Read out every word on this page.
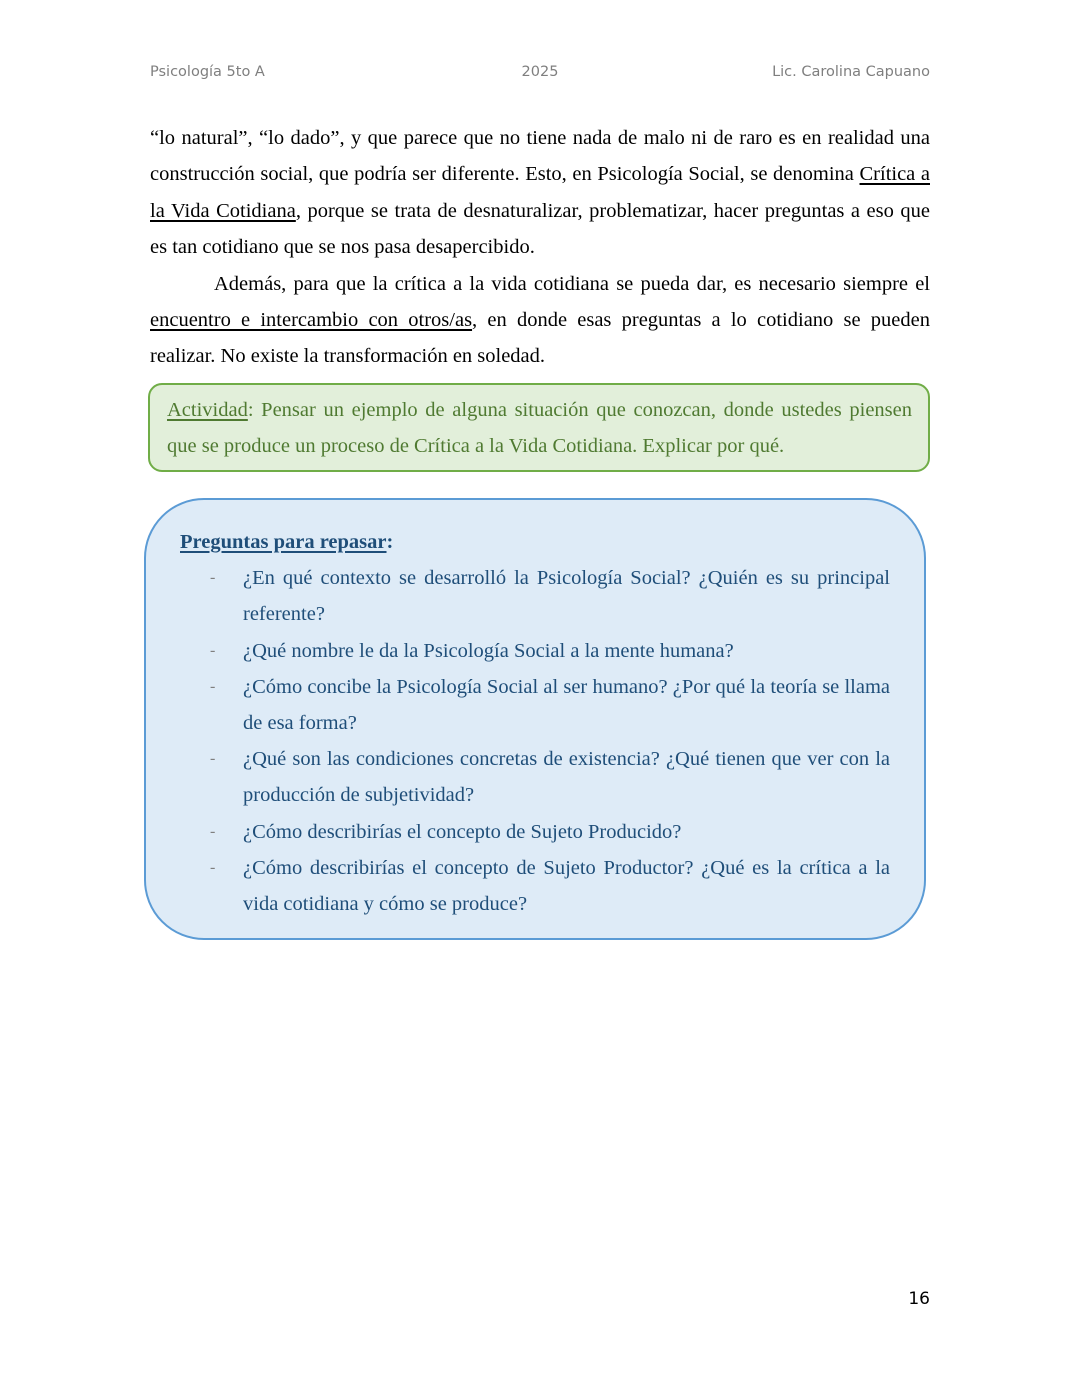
Psicología 5to A	2025	Lic. Carolina Capuano

“lo natural”, “lo dado”, y que parece que no tiene nada de malo ni de raro es en realidad una construcción social, que podría ser diferente. Esto, en Psicología Social, se denomina Crítica a la Vida Cotidiana, porque se trata de desnaturalizar, problematizar, hacer preguntas a eso que es tan cotidiano que se nos pasa desapercibido.

Además, para que la crítica a la vida cotidiana se pueda dar, es necesario siempre el encuentro e intercambio con otros/as, en donde esas preguntas a lo cotidiano se pueden realizar. No existe la transformación en soledad.

Actividad: Pensar un ejemplo de alguna situación que conozcan, donde ustedes piensen que se produce un proceso de Crítica a la Vida Cotidiana. Explicar por qué.

Preguntas para repasar:

- ¿En qué contexto se desarrolló la Psicología Social? ¿Quién es su principal referente?
- ¿Qué nombre le da la Psicología Social a la mente humana?
- ¿Cómo concibe la Psicología Social al ser humano? ¿Por qué la teoría se llama de esa forma?
- ¿Qué son las condiciones concretas de existencia? ¿Qué tienen que ver con la producción de subjetividad?
- ¿Cómo describirías el concepto de Sujeto Producido?
- ¿Cómo describirías el concepto de Sujeto Productor? ¿Qué es la crítica a la vida cotidiana y cómo se produce?
16
